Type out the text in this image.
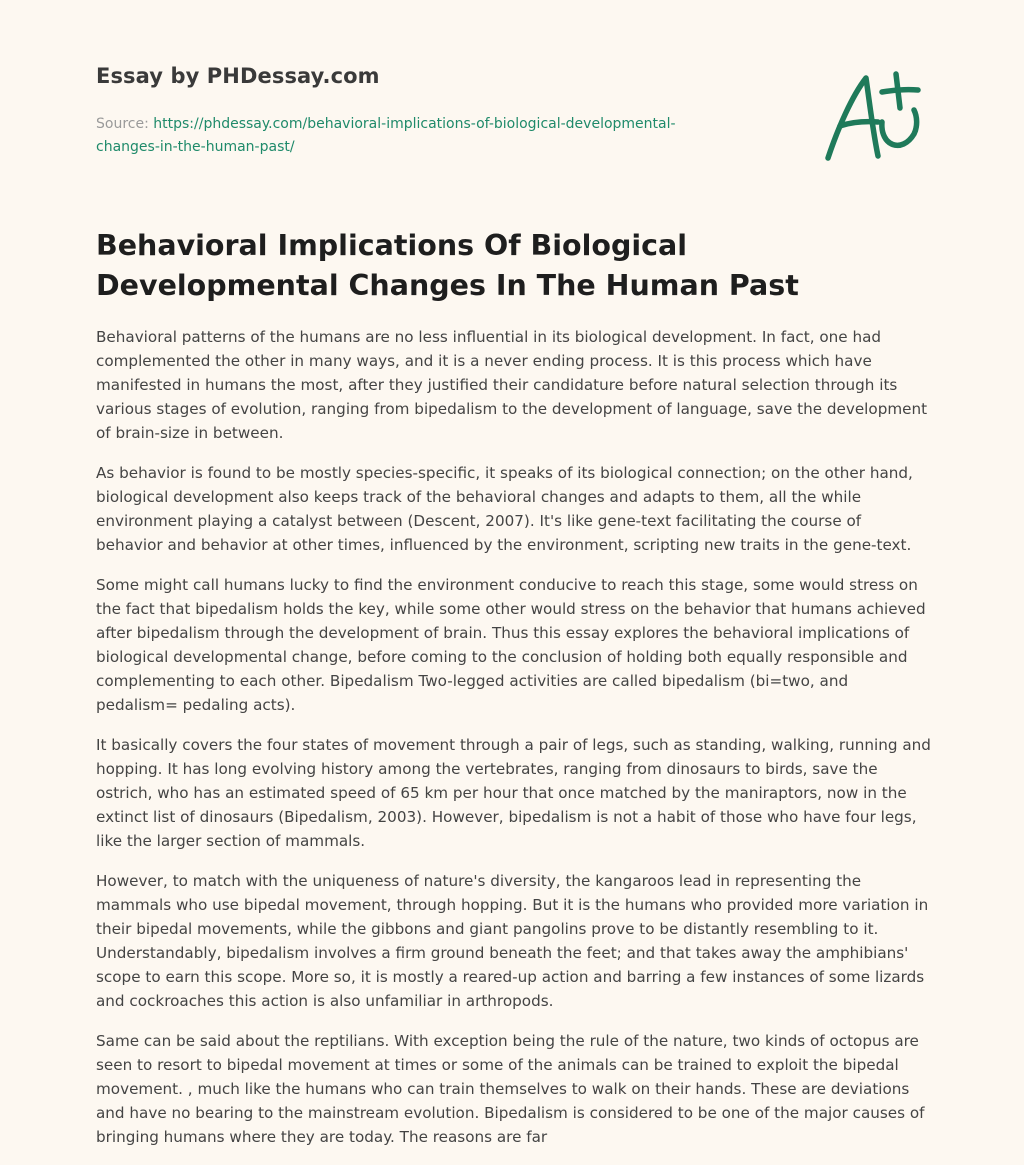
Essay by PHDessay.com
Source: https://phdessay.com/behavioral-implications-of-biological-developmental-changes-in-the-human-past/
Behavioral Implications Of Biological Developmental Changes In The Human Past

Behavioral patterns of the humans are no less influential in its biological development. In fact, one had complemented the other in many ways, and it is a never ending process. It is this process which have manifested in humans the most, after they justified their candidature before natural selection through its various stages of evolution, ranging from bipedalism to the development of language, save the development of brain-size in between.

As behavior is found to be mostly species-specific, it speaks of its biological connection; on the other hand, biological development also keeps track of the behavioral changes and adapts to them, all the while environment playing a catalyst between (Descent, 2007). It's like gene-text facilitating the course of behavior and behavior at other times, influenced by the environment, scripting new traits in the gene-text.

Some might call humans lucky to find the environment conducive to reach this stage, some would stress on the fact that bipedalism holds the key, while some other would stress on the behavior that humans achieved after bipedalism through the development of brain. Thus this essay explores the behavioral implications of biological developmental change, before coming to the conclusion of holding both equally responsible and complementing to each other. Bipedalism Two-legged activities are called bipedalism (bi=two, and pedalism= pedaling acts).

It basically covers the four states of movement through a pair of legs, such as standing, walking, running and hopping. It has long evolving history among the vertebrates, ranging from dinosaurs to birds, save the ostrich, who has an estimated speed of 65 km per hour that once matched by the maniraptors, now in the extinct list of dinosaurs (Bipedalism, 2003). However, bipedalism is not a habit of those who have four legs, like the larger section of mammals.

However, to match with the uniqueness of nature's diversity, the kangaroos lead in representing the mammals who use bipedal movement, through hopping. But it is the humans who provided more variation in their bipedal movements, while the gibbons and giant pangolins prove to be distantly resembling to it. Understandably, bipedalism involves a firm ground beneath the feet; and that takes away the amphibians' scope to earn this scope. More so, it is mostly a reared-up action and barring a few instances of some lizards and cockroaches this action is also unfamiliar in arthropods.

Same can be said about the reptilians. With exception being the rule of the nature, two kinds of octopus are seen to resort to bipedal movement at times or some of the animals can be trained to exploit the bipedal movement. , much like the humans who can train themselves to walk on their hands. These are deviations and have no bearing to the mainstream evolution. Bipedalism is considered to be one of the major causes of bringing humans where they are today. The reasons are far
